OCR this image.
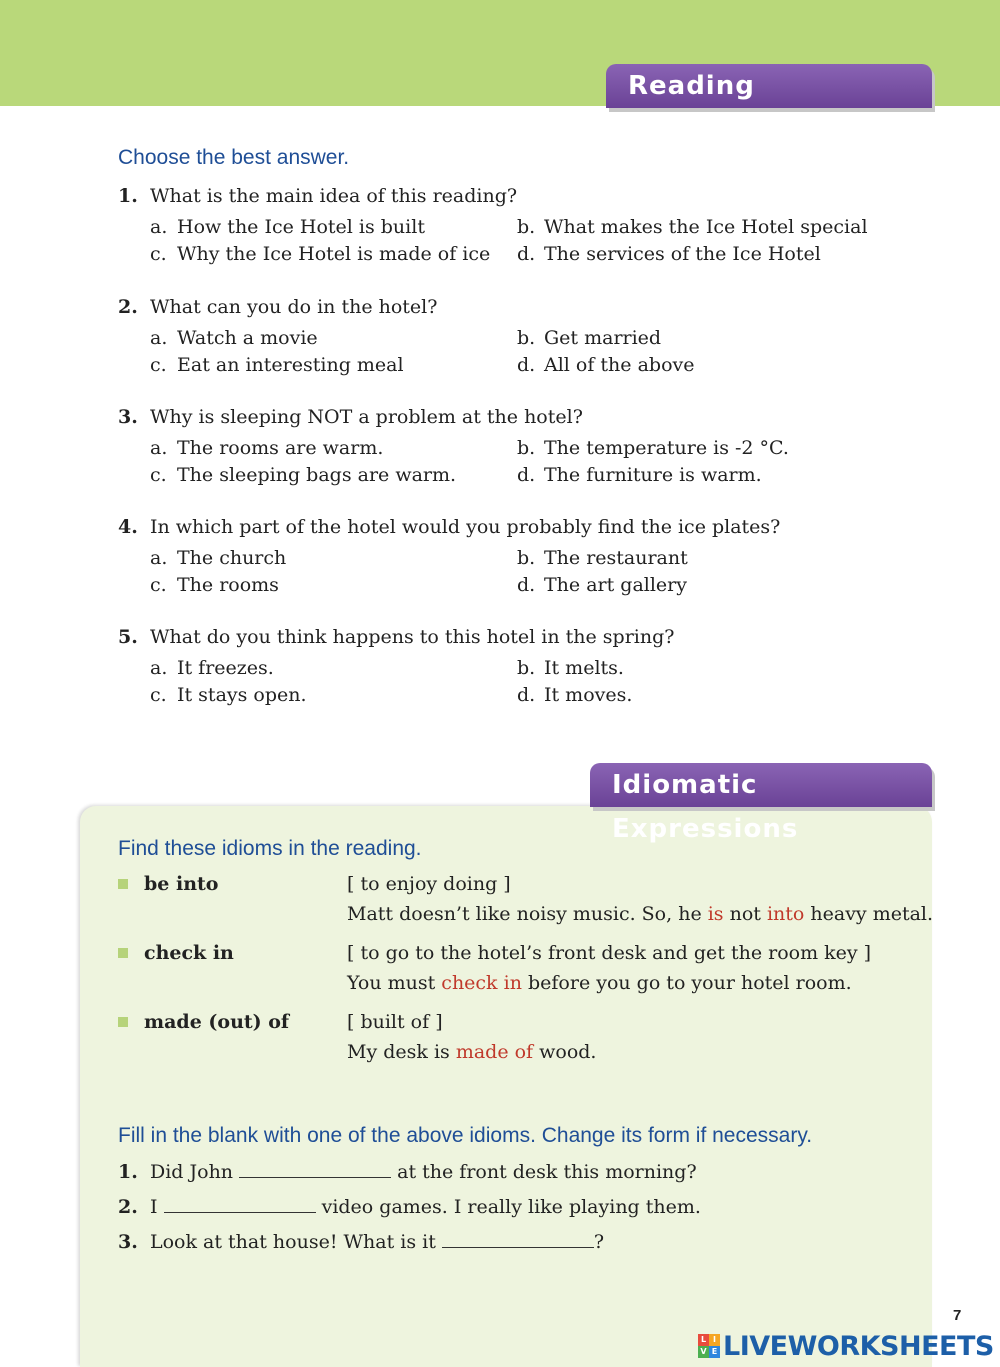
Reading Comprehension
Choose the best answer.
1. What is the main idea of this reading?
a. How the Ice Hotel is built	b. What makes the Ice Hotel special
c. Why the Ice Hotel is made of ice d. The services of the Ice Hotel
2. What can you do in the hotel?
a. Watch a movie	b. Get married
c. Eat an interesting meal	d. All of the above
3. Why is sleeping NOT a problem at the hotel?
a. The rooms are warm.	b. The temperature is -2 °C.
c. The sleeping bags are warm.	d. The furniture is warm.
4. In which part of the hotel would you probably find the ice plates?
a. The church	b. The restaurant
c. The rooms	d. The art gallery
5. What do you think happens to this hotel in the spring?
a. It freezes.	b. It melts.
c. It stays open.	d. It moves.
Idiomatic Expressions
Find these idioms in the reading.
be into	[ to enjoy doing ]
Matt doesn’t like noisy music. So, he is not into heavy metal.
check in	[ to go to the hotel’s front desk and get the room key ]
You must check in before you go to your hotel room.
made (out) of	[ built of ]
My desk is made of wood.
Fill in the blank with one of the above idioms. Change its form if necessary.
1. Did John	at the front desk this morning?
2. I	video games. I really like playing them.
3. Look at that house! What is it	?
7
L I
V E LIVEWORKSHEETS
